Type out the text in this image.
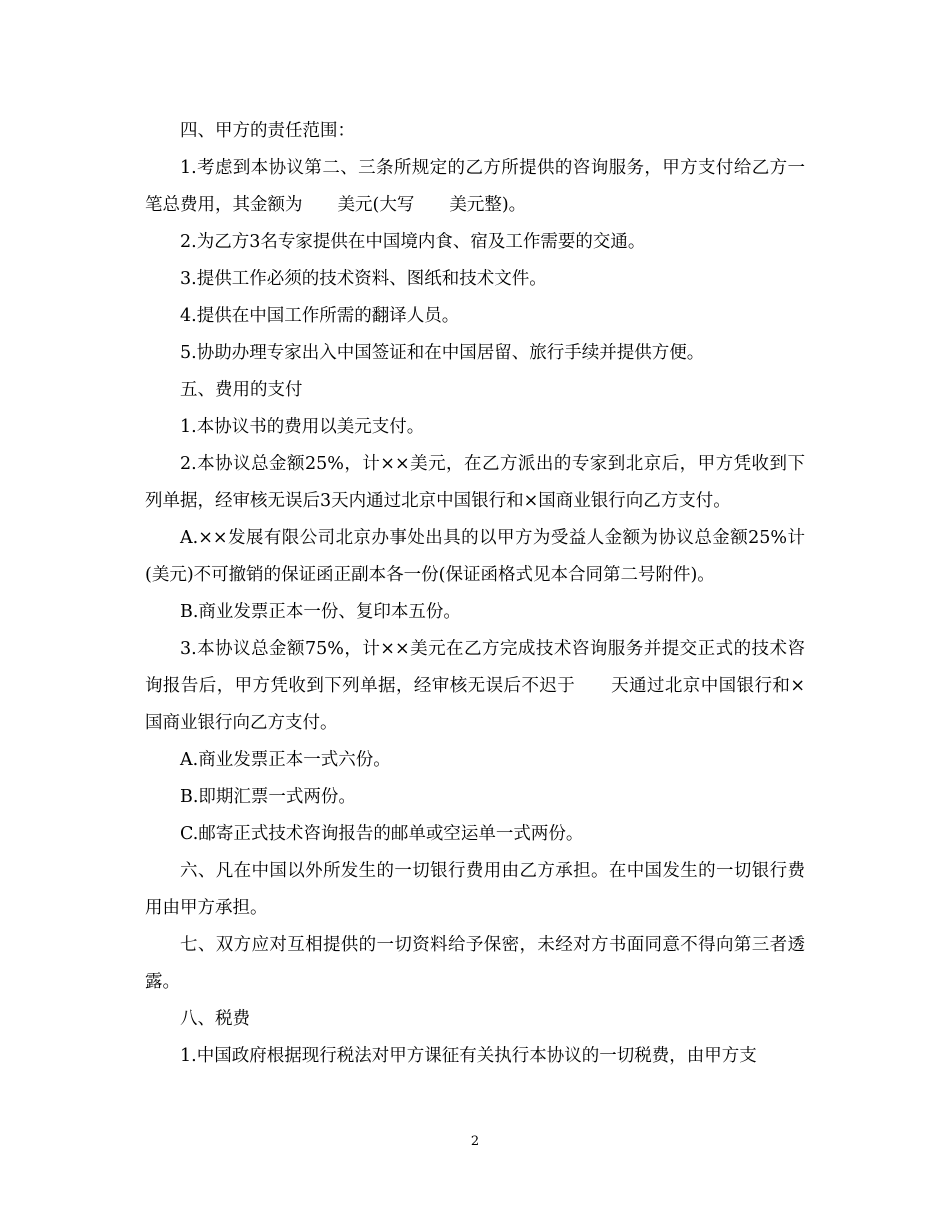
四、甲方的责任范围：

1.考虑到本协议第二、三条所规定的乙方所提供的咨询服务，甲方支付给乙方一笔总费用，其金额为　　美元(大写　　美元整)。

2.为乙方3名专家提供在中国境内食、宿及工作需要的交通。

3.提供工作必须的技术资料、图纸和技术文件。

4.提供在中国工作所需的翻译人员。

5.协助办理专家出入中国签证和在中国居留、旅行手续并提供方便。

五、费用的支付

1.本协议书的费用以美元支付。

2.本协议总金额25%，计××美元，在乙方派出的专家到北京后，甲方凭收到下列单据，经审核无误后3天内通过北京中国银行和×国商业银行向乙方支付。

A.××发展有限公司北京办事处出具的以甲方为受益人金额为协议总金额25%计(美元)不可撤销的保证函正副本各一份(保证函格式见本合同第二号附件)。

B.商业发票正本一份、复印本五份。

3.本协议总金额75%，计××美元在乙方完成技术咨询服务并提交正式的技术咨询报告后，甲方凭收到下列单据，经审核无误后不迟于　　天通过北京中国银行和×国商业银行向乙方支付。

A.商业发票正本一式六份。

B.即期汇票一式两份。

C.邮寄正式技术咨询报告的邮单或空运单一式两份。

六、凡在中国以外所发生的一切银行费用由乙方承担。在中国发生的一切银行费用由甲方承担。

七、双方应对互相提供的一切资料给予保密，未经对方书面同意不得向第三者透露。

八、税费

1.中国政府根据现行税法对甲方课征有关执行本协议的一切税费，由甲方支

2
